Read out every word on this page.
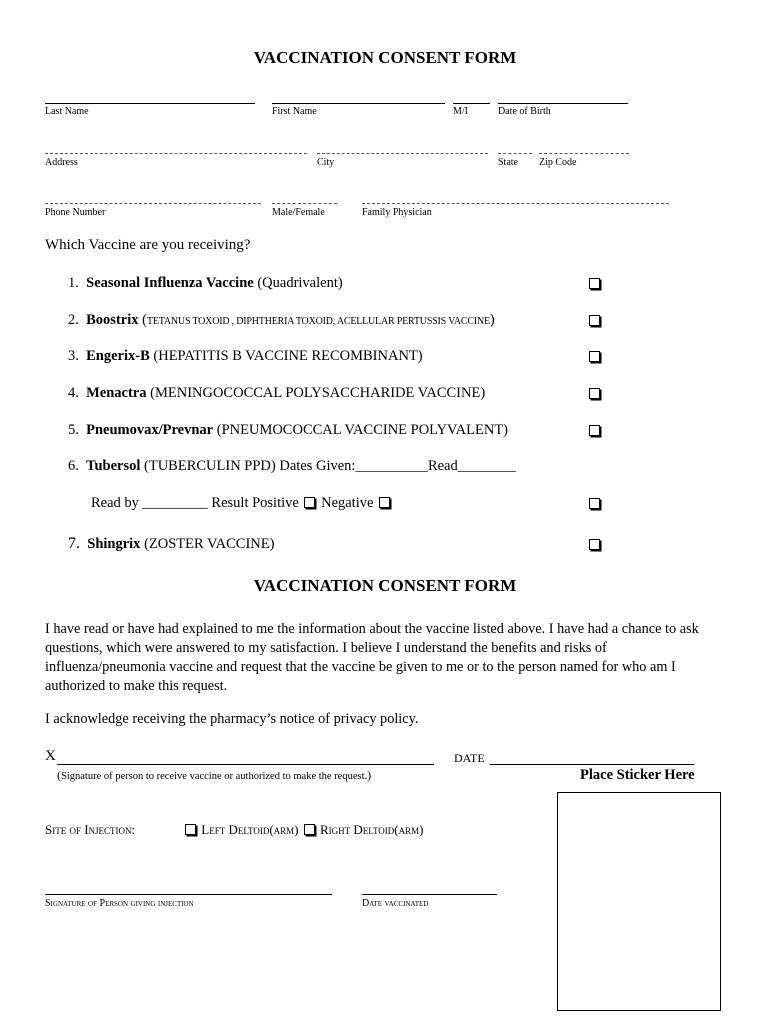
VACCINATION CONSENT FORM
Last Name	First Name	M/I	Date of Birth
Address	City	State Zip Code
Phone Number	Male/Female	Family Physician
Which Vaccine are you receiving?
1. Seasonal Influenza Vaccine (Quadrivalent)
2. Boostrix (TETANUS TOXOID , DIPHTHERIA TOXOID, ACELLULAR PERTUSSIS VACCINE)
3. Engerix-B (HEPATITIS B VACCINE RECOMBINANT)
4. Menactra (MENINGOCOCCAL POLYSACCHARIDE VACCINE)
5. Pneumovax/Prevnar (PNEUMOCOCCAL VACCINE POLYVALENT)
6. Tubersol (TUBERCULIN PPD) Dates Given:__________Read________
Read by _________ Result Positive Negative
7. Shingrix (ZOSTER VACCINE)
VACCINATION CONSENT FORM
I have read or have had explained to me the information about the vaccine listed above. I have had a chance to ask questions, which were answered to my satisfaction. I believe I understand the benefits and risks of influenza/pneumonia vaccine and request that the vaccine be given to me or to the person named for who am I authorized to make this request.
I acknowledge receiving the pharmacy’s notice of privacy policy.
X	DATE
(Signature of person to receive vaccine or authorized to make the request.)	Place Sticker Here
Site of Injection:	Left Deltoid(arm) Right Deltoid(arm)
Signature of Person giving injection	Date vaccinated
